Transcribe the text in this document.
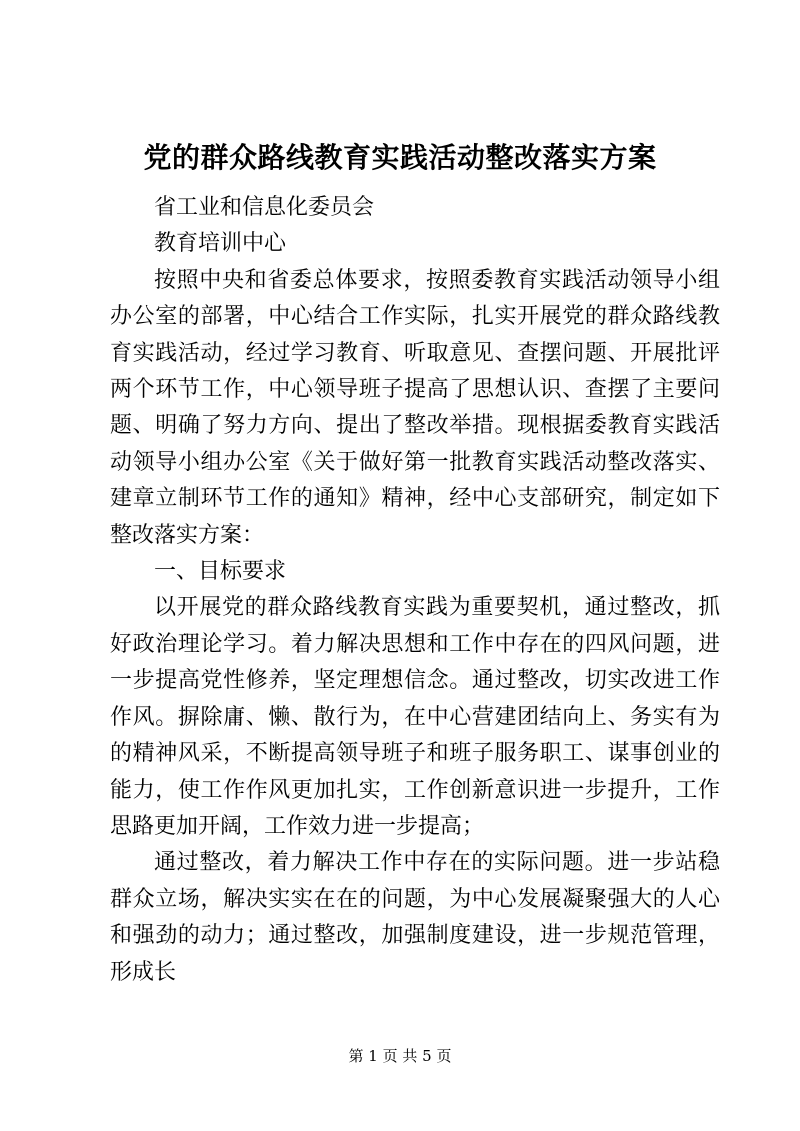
党的群众路线教育实践活动整改落实方案

省工业和信息化委员会

教育培训中心

按照中央和省委总体要求，按照委教育实践活动领导小组办公室的部署，中心结合工作实际，扎实开展党的群众路线教育实践活动，经过学习教育、听取意见、查摆问题、开展批评两个环节工作，中心领导班子提高了思想认识、查摆了主要问题、明确了努力方向、提出了整改举措。现根据委教育实践活动领导小组办公室《关于做好第一批教育实践活动整改落实、建章立制环节工作的通知》精神，经中心支部研究，制定如下整改落实方案：

一、目标要求

以开展党的群众路线教育实践为重要契机，通过整改，抓好政治理论学习。着力解决思想和工作中存在的四风问题，进一步提高党性修养，坚定理想信念。通过整改，切实改进工作作风。摒除庸、懒、散行为，在中心营建团结向上、务实有为的精神风采，不断提高领导班子和班子服务职工、谋事创业的能力，使工作作风更加扎实，工作创新意识进一步提升，工作思路更加开阔，工作效力进一步提高；

通过整改，着力解决工作中存在的实际问题。进一步站稳群众立场，解决实实在在的问题，为中心发展凝聚强大的人心和强劲的动力；通过整改，加强制度建设，进一步规范管理，形成长

第 1 页 共 5 页
